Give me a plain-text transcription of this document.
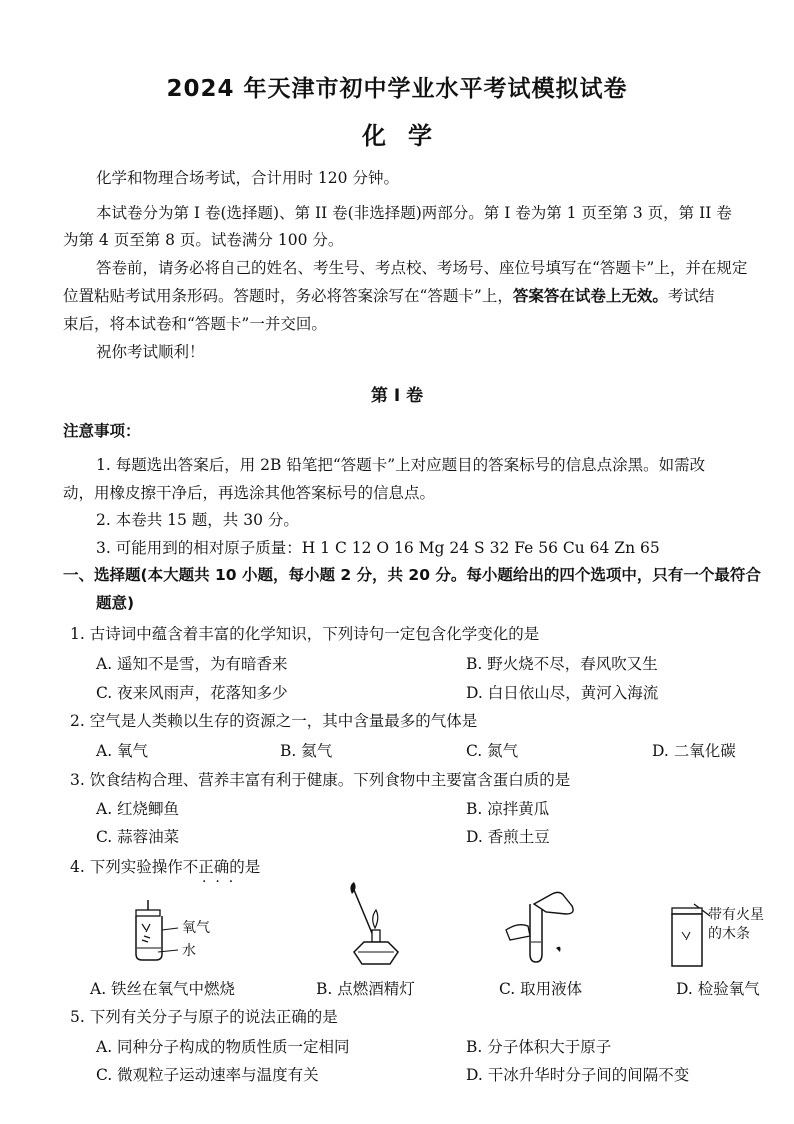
2024 年天津市初中学业水平考试模拟试卷
化学
化学和物理合场考试，合计用时 120 分钟。
本试卷分为第 I 卷(选择题)、第 II 卷(非选择题)两部分。第 I 卷为第 1 页至第 3 页，第 II 卷
为第 4 页至第 8 页。试卷满分 100 分。
答卷前，请务必将自己的姓名、考生号、考点校、考场号、座位号填写在“答题卡”上，并在规定
位置粘贴考试用条形码。答题时，务必将答案涂写在“答题卡”上，答案答在试卷上无效。考试结
束后，将本试卷和“答题卡”一并交回。
祝你考试顺利！
第 I 卷
注意事项：
1. 每题选出答案后，用 2B 铅笔把“答题卡”上对应题目的答案标号的信息点涂黑。如需改
动，用橡皮擦干净后，再选涂其他答案标号的信息点。
2. 本卷共 15 题，共 30 分。
3. 可能用到的相对原子质量：H 1 C 12 O 16 Mg 24 S 32 Fe 56 Cu 64 Zn 65
一、选择题(本大题共 10 小题，每小题 2 分，共 20 分。每小题给出的四个选项中，只有一个最符合
题意)
1. 古诗词中蕴含着丰富的化学知识，下列诗句一定包含化学变化的是
A. 遥知不是雪，为有暗香来	B. 野火烧不尽，春风吹又生
C. 夜来风雨声，花落知多少	D. 白日依山尽，黄河入海流
2. 空气是人类赖以生存的资源之一，其中含量最多的气体是
A. 氧气	B. 氦气	C. 氮气	D. 二氧化碳
3. 饮食结构合理、营养丰富有利于健康。下列食物中主要富含蛋白质的是
A. 红烧鲫鱼	B. 凉拌黄瓜
C. 蒜蓉油菜	D. 香煎土豆
4. 下列实验操作不正确的是
·  ·  ·
氧气
水
带有火星
的木条
A. 铁丝在氧气中燃烧	B. 点燃酒精灯	C. 取用液体	D. 检验氧气
5. 下列有关分子与原子的说法正确的是
A. 同种分子构成的物质性质一定相同	B. 分子体积大于原子
C. 微观粒子运动速率与温度有关	D. 干冰升华时分子间的间隔不变
